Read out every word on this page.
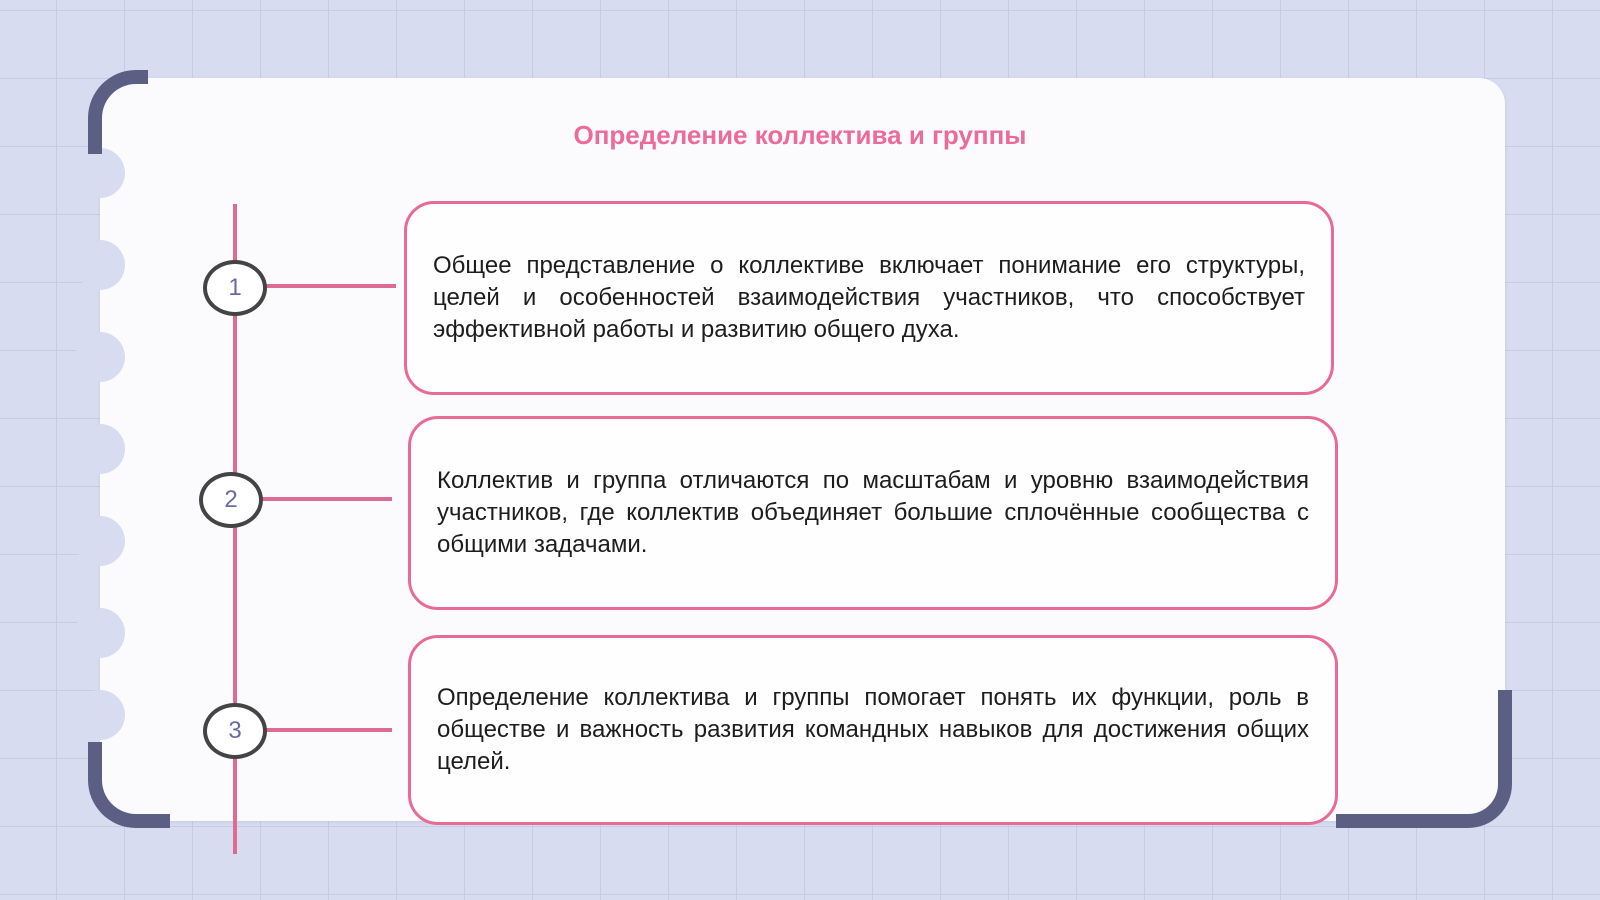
Определение коллектива и группы
1

Общее представление о коллективе включает понимание его структуры, целей и особенностей взаимодействия участников, что способствует эффективной работы и развитию общего духа.

2

Коллектив и группа отличаются по масштабам и уровню взаимодействия участников, где коллектив объединяет большие сплочённые сообщества с общими задачами.

3

Определение коллектива и группы помогает понять их функции, роль в обществе и важность развития командных навыков для достижения общих целей.
